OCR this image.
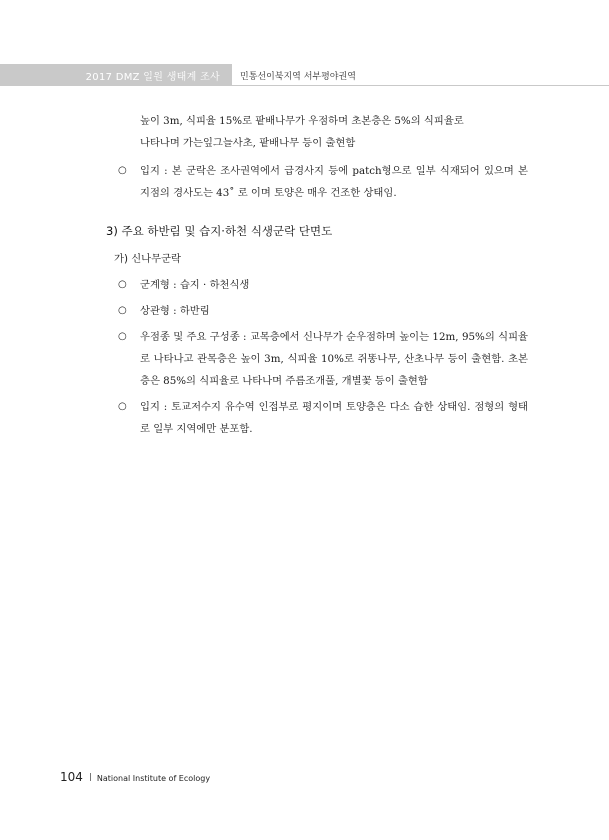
2017 DMZ 일원 생태계 조사 민통선이북지역 서부평야권역

높이 3m, 식피율 15%로 팥배나무가 우점하며 초본층은 5%의 식피율로

나타나며 가는잎그늘사초, 팥배나무 등이 출현함

○	입지 : 본 군락은 조사권역에서 급경사지 등에 patch형으로 일부 식재되어 있으며 본 지점의 경사도는 43˚ 로 이며 토양은 매우 건조한 상태임.
3) 주요 하반림 및 습지·하천 식생군락 단면도
가) 신나무군락
○	군계형 : 습지 · 하천식생
○	상관형 : 하반림
○	우점종 및 주요 구성종 : 교목층에서 신나무가 순우점하며 높이는 12m, 95%의 식피율로 나타나고 관목층은 높이 3m, 식피율 10%로 쥐똥나무, 산초나무 등이 출현함. 초본층은 85%의 식피율로 나타나며 주름조개풀, 개별꽃 등이 출현함
○	입지 : 토교저수지 유수역 인접부로 평지이며 토양층은 다소 습한 상태임. 점형의 형태로 일부 지역에만 분포함.
104 National Institute of Ecology
